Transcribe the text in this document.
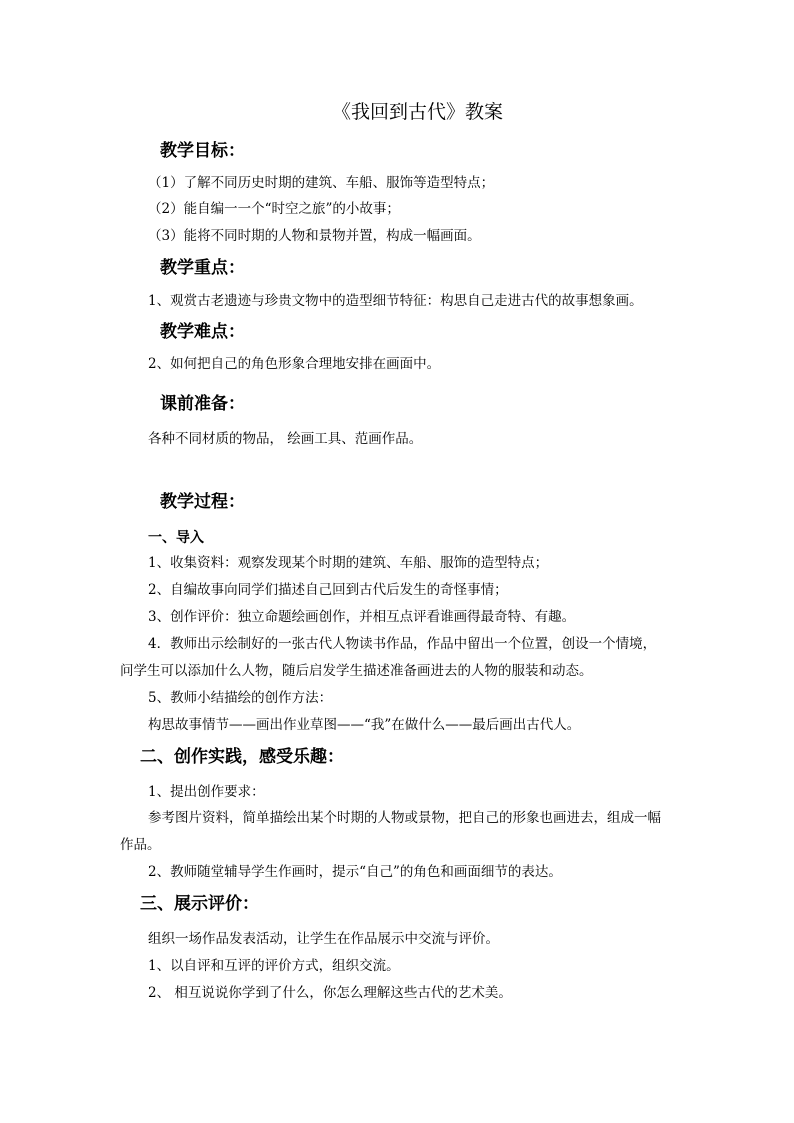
《我回到古代》教案
教学目标：
（1）了解不同历史时期的建筑、车船、服饰等造型特点；
（2）能自编一一个“时空之旅”的小故事；
（3）能将不同时期的人物和景物并置，构成一幅画面。
教学重点：
1、观赏古老遗迹与珍贵文物中的造型细节特征：构思自己走进古代的故事想象画。
教学难点：
2、如何把自己的角色形象合理地安排在画面中。
课前准备：
各种不同材质的物品， 绘画工具、范画作品。
教学过程：
一、导入
1、收集资料：观察发现某个时期的建筑、车船、服饰的造型特点；
2、自编故事向同学们描述自己回到古代后发生的奇怪事情；
3、创作评价：独立命题绘画创作，并相互点评看谁画得最奇特、有趣。
4．教师出示绘制好的一张古代人物读书作品，作品中留出一个位置，创设一个情境，
问学生可以添加什么人物，随后启发学生描述准备画进去的人物的服装和动态。
5、教师小结描绘的创作方法：
构思故事情节——画出作业草图——“我”在做什么——最后画出古代人。
二、创作实践，感受乐趣：
1、提出创作要求：
参考图片资料，简单描绘出某个时期的人物或景物，把自己的形象也画进去，组成一幅
作品。
2、教师随堂辅导学生作画时，提示“自己”的角色和画面细节的表达。
三、展示评价：
组织一场作品发表活动，让学生在作品展示中交流与评价。
1、以自评和互评的评价方式，组织交流。
2、 相互说说你学到了什么，你怎么理解这些古代的艺术美。
